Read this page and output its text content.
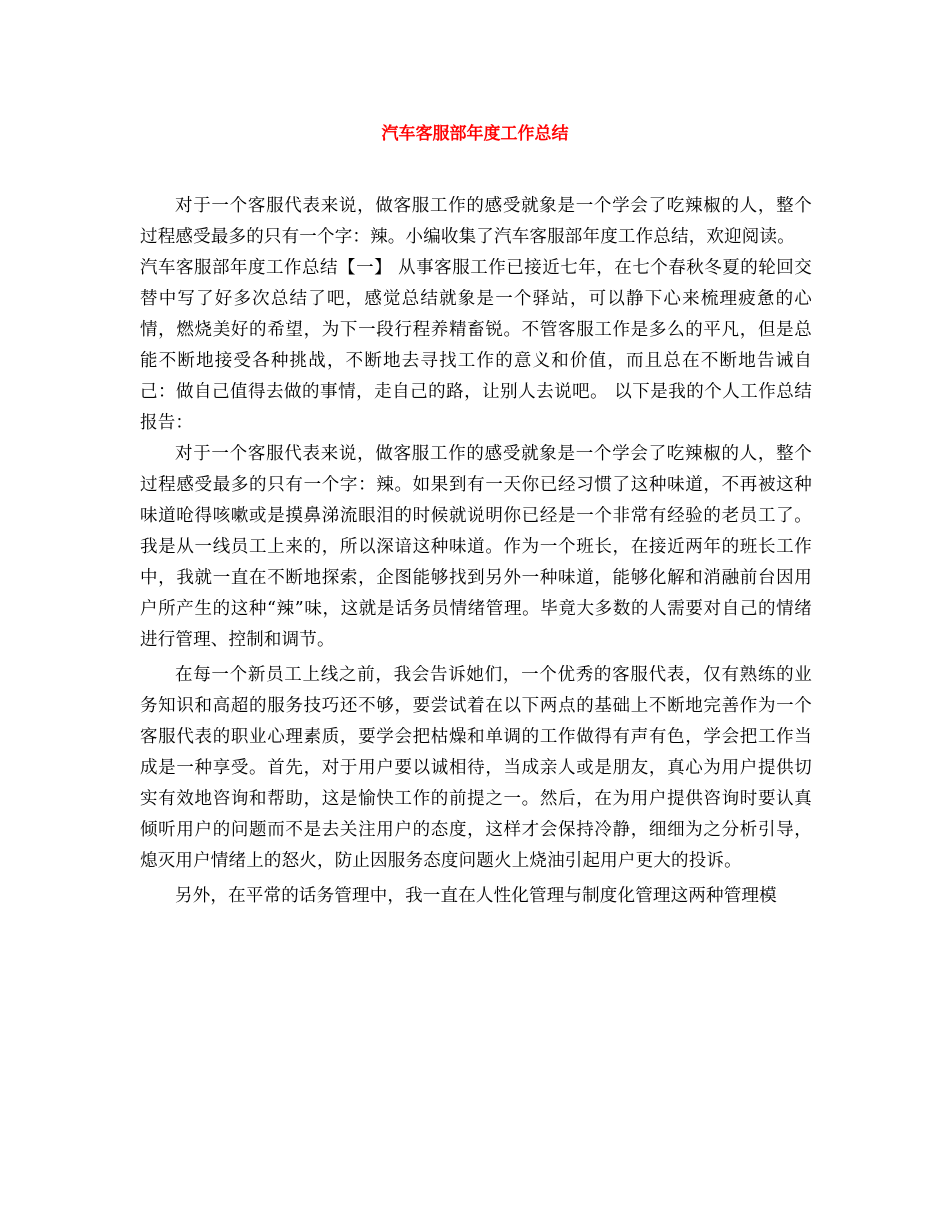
汽车客服部年度工作总结

对于一个客服代表来说，做客服工作的感受就象是一个学会了吃辣椒的人，整个过程感受最多的只有一个字：辣。小编收集了汽车客服部年度工作总结，欢迎阅读。

汽车客服部年度工作总结【一】 从事客服工作已接近七年，在七个春秋冬夏的轮回交替中写了好多次总结了吧，感觉总结就象是一个驿站，可以静下心来梳理疲惫的心情，燃烧美好的希望，为下一段行程养精畜锐。不管客服工作是多么的平凡，但是总能不断地接受各种挑战，不断地去寻找工作的意义和价值，而且总在不断地告诫自己：做自己值得去做的事情，走自己的路，让别人去说吧。 以下是我的个人工作总结报告：

对于一个客服代表来说，做客服工作的感受就象是一个学会了吃辣椒的人，整个过程感受最多的只有一个字：辣。如果到有一天你已经习惯了这种味道，不再被这种味道呛得咳嗽或是摸鼻涕流眼泪的时候就说明你已经是一个非常有经验的老员工了。我是从一线员工上来的，所以深谙这种味道。作为一个班长，在接近两年的班长工作中，我就一直在不断地探索，企图能够找到另外一种味道，能够化解和消融前台因用户所产生的这种“辣”味，这就是话务员情绪管理。毕竟大多数的人需要对自己的情绪进行管理、控制和调节。

在每一个新员工上线之前，我会告诉她们，一个优秀的客服代表，仅有熟练的业务知识和高超的服务技巧还不够，要尝试着在以下两点的基础上不断地完善作为一个客服代表的职业心理素质，要学会把枯燥和单调的工作做得有声有色，学会把工作当成是一种享受。首先，对于用户要以诚相待，当成亲人或是朋友，真心为用户提供切实有效地咨询和帮助，这是愉快工作的前提之一。然后，在为用户提供咨询时要认真倾听用户的问题而不是去关注用户的态度，这样才会保持冷静，细细为之分析引导，熄灭用户情绪上的怒火，防止因服务态度问题火上烧油引起用户更大的投诉。

另外，在平常的话务管理中，我一直在人性化管理与制度化管理这两种管理模
